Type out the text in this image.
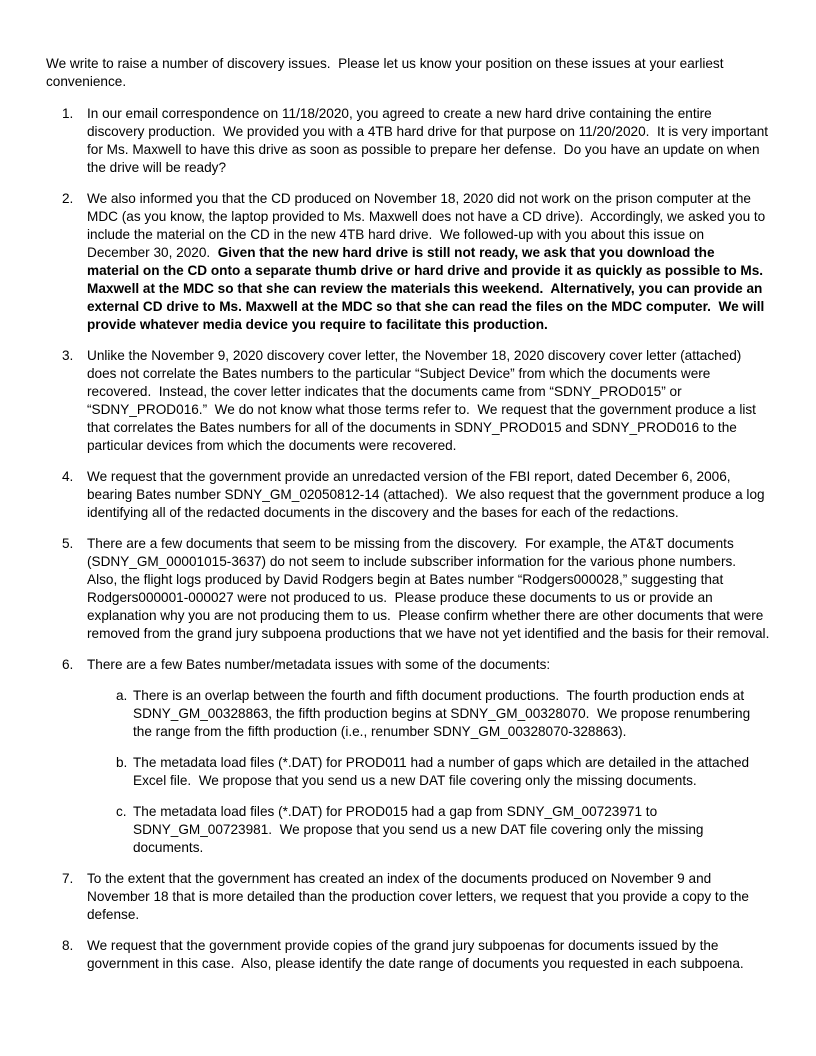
We write to raise a number of discovery issues.  Please let us know your position on these issues at your earliest convenience.

1. In our email correspondence on 11/18/2020, you agreed to create a new hard drive containing the entire discovery production.  We provided you with a 4TB hard drive for that purpose on 11/20/2020.  It is very important for Ms. Maxwell to have this drive as soon as possible to prepare her defense.  Do you have an update on when the drive will be ready?
2. We also informed you that the CD produced on November 18, 2020 did not work on the prison computer at the MDC (as you know, the laptop provided to Ms. Maxwell does not have a CD drive).  Accordingly, we asked you to include the material on the CD in the new 4TB hard drive.  We followed-up with you about this issue on December 30, 2020.  Given that the new hard drive is still not ready, we ask that you download the material on the CD onto a separate thumb drive or hard drive and provide it as quickly as possible to Ms. Maxwell at the MDC so that she can review the materials this weekend.  Alternatively, you can provide an external CD drive to Ms. Maxwell at the MDC so that she can read the files on the MDC computer.  We will provide whatever media device you require to facilitate this production.
3. Unlike the November 9, 2020 discovery cover letter, the November 18, 2020 discovery cover letter (attached) does not correlate the Bates numbers to the particular “Subject Device” from which the documents were recovered.  Instead, the cover letter indicates that the documents came from “SDNY_PROD015” or “SDNY_PROD016.”  We do not know what those terms refer to.  We request that the government produce a list that correlates the Bates numbers for all of the documents in SDNY_PROD015 and SDNY_PROD016 to the particular devices from which the documents were recovered.
4. We request that the government provide an unredacted version of the FBI report, dated December 6, 2006, bearing Bates number SDNY_GM_02050812-14 (attached).  We also request that the government produce a log identifying all of the redacted documents in the discovery and the bases for each of the redactions.
5. There are a few documents that seem to be missing from the discovery.  For example, the AT&T documents (SDNY_GM_00001015-3637) do not seem to include subscriber information for the various phone numbers.  Also, the flight logs produced by David Rodgers begin at Bates number “Rodgers000028,” suggesting that Rodgers000001-000027 were not produced to us.  Please produce these documents to us or provide an explanation why you are not producing them to us.  Please confirm whether there are other documents that were removed from the grand jury subpoena productions that we have not yet identified and the basis for their removal.
6. There are a few Bates number/metadata issues with some of the documents:
a. There is an overlap between the fourth and fifth document productions.  The fourth production ends at SDNY_GM_00328863, the fifth production begins at SDNY_GM_00328070.  We propose renumbering the range from the fifth production (i.e., renumber SDNY_GM_00328070-328863).
b. The metadata load files (*.DAT) for PROD011 had a number of gaps which are detailed in the attached Excel file.  We propose that you send us a new DAT file covering only the missing documents.
c. The metadata load files (*.DAT) for PROD015 had a gap from SDNY_GM_00723971 to SDNY_GM_00723981.  We propose that you send us a new DAT file covering only the missing documents.
7. To the extent that the government has created an index of the documents produced on November 9 and November 18 that is more detailed than the production cover letters, we request that you provide a copy to the defense.
8. We request that the government provide copies of the grand jury subpoenas for documents issued by the government in this case.  Also, please identify the date range of documents you requested in each subpoena.
